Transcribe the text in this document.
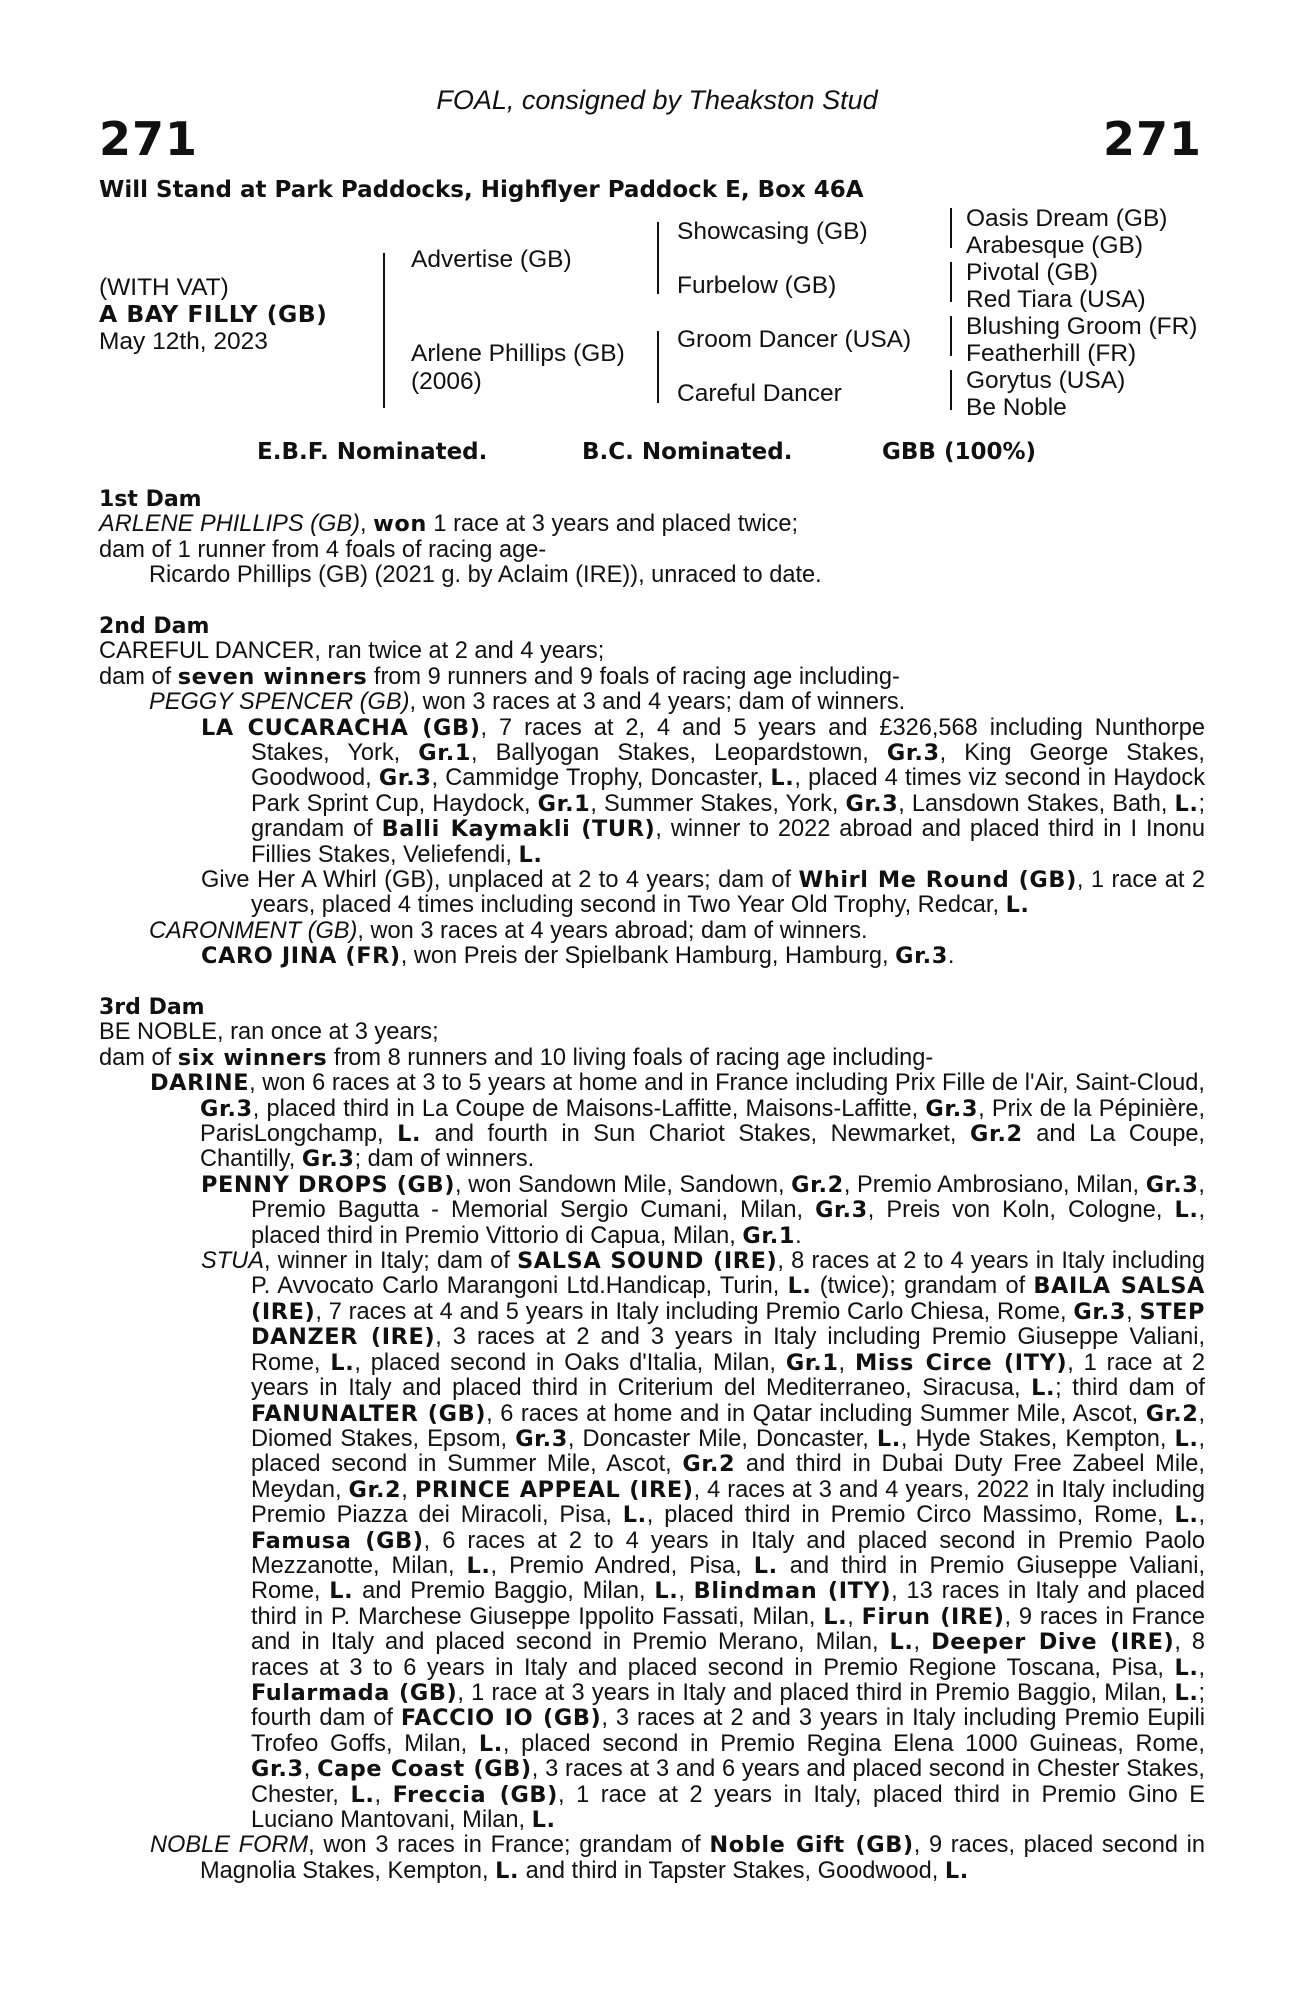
FOAL, consigned by Theakston Stud
271	271
Will Stand at Park Paddocks, Highflyer Paddock E, Box 46A
(WITH VAT)
A BAY FILLY (GB)
May 12th, 2023
Advertise (GB)
Arlene Phillips (GB)
(2006)
Showcasing (GB)
Furbelow (GB)
Groom Dancer (USA)
Careful Dancer
Oasis Dream (GB)
Arabesque (GB)
Pivotal (GB)
Red Tiara (USA)
Blushing Groom (FR)
Featherhill (FR)
Gorytus (USA)
Be Noble
E.B.F. Nominated.	B.C. Nominated.	GBB (100%)

1st Dam

ARLENE PHILLIPS (GB), won 1 race at 3 years and placed twice;

dam of 1 runner from 4 foals of racing age-

Ricardo Phillips (GB) (2021 g. by Aclaim (IRE)), unraced to date.

2nd Dam

CAREFUL DANCER, ran twice at 2 and 4 years;

dam of seven winners from 9 runners and 9 foals of racing age including-

PEGGY SPENCER (GB), won 3 races at 3 and 4 years; dam of winners.

LA CUCARACHA (GB), 7 races at 2, 4 and 5 years and £326,568 including Nunthorpe Stakes, York, Gr.1, Ballyogan Stakes, Leopardstown, Gr.3, King George Stakes, Goodwood, Gr.3, Cammidge Trophy, Doncaster, L., placed 4 times viz second in Haydock Park Sprint Cup, Haydock, Gr.1, Summer Stakes, York, Gr.3, Lansdown Stakes, Bath, L.; grandam of Balli Kaymakli (TUR), winner to 2022 abroad and placed third in I Inonu Fillies Stakes, Veliefendi, L.

Give Her A Whirl (GB), unplaced at 2 to 4 years; dam of Whirl Me Round (GB), 1 race at 2 years, placed 4 times including second in Two Year Old Trophy, Redcar, L.

CARONMENT (GB), won 3 races at 4 years abroad; dam of winners.

CARO JINA (FR), won Preis der Spielbank Hamburg, Hamburg, Gr.3.

3rd Dam

BE NOBLE, ran once at 3 years;

dam of six winners from 8 runners and 10 living foals of racing age including-

DARINE, won 6 races at 3 to 5 years at home and in France including Prix Fille de l'Air, Saint-Cloud, Gr.3, placed third in La Coupe de Maisons-Laffitte, Maisons-Laffitte, Gr.3, Prix de la Pépinière, ParisLongchamp, L. and fourth in Sun Chariot Stakes, Newmarket, Gr.2 and La Coupe, Chantilly, Gr.3; dam of winners.

PENNY DROPS (GB), won Sandown Mile, Sandown, Gr.2, Premio Ambrosiano, Milan, Gr.3, Premio Bagutta - Memorial Sergio Cumani, Milan, Gr.3, Preis von Koln, Cologne, L., placed third in Premio Vittorio di Capua, Milan, Gr.1.

STUA, winner in Italy; dam of SALSA SOUND (IRE), 8 races at 2 to 4 years in Italy including P. Avvocato Carlo Marangoni Ltd.Handicap, Turin, L. (twice); grandam of BAILA SALSA (IRE), 7 races at 4 and 5 years in Italy including Premio Carlo Chiesa, Rome, Gr.3, STEP DANZER (IRE), 3 races at 2 and 3 years in Italy including Premio Giuseppe Valiani, Rome, L., placed second in Oaks d'Italia, Milan, Gr.1, Miss Circe (ITY), 1 race at 2 years in Italy and placed third in Criterium del Mediterraneo, Siracusa, L.; third dam of FANUNALTER (GB), 6 races at home and in Qatar including Summer Mile, Ascot, Gr.2, Diomed Stakes, Epsom, Gr.3, Doncaster Mile, Doncaster, L., Hyde Stakes, Kempton, L., placed second in Summer Mile, Ascot, Gr.2 and third in Dubai Duty Free Zabeel Mile, Meydan, Gr.2, PRINCE APPEAL (IRE), 4 races at 3 and 4 years, 2022 in Italy including Premio Piazza dei Miracoli, Pisa, L., placed third in Premio Circo Massimo, Rome, L., Famusa (GB), 6 races at 2 to 4 years in Italy and placed second in Premio Paolo Mezzanotte, Milan, L., Premio Andred, Pisa, L. and third in Premio Giuseppe Valiani, Rome, L. and Premio Baggio, Milan, L., Blindman (ITY), 13 races in Italy and placed third in P. Marchese Giuseppe Ippolito Fassati, Milan, L., Firun (IRE), 9 races in France and in Italy and placed second in Premio Merano, Milan, L., Deeper Dive (IRE), 8 races at 3 to 6 years in Italy and placed second in Premio Regione Toscana, Pisa, L., Fularmada (GB), 1 race at 3 years in Italy and placed third in Premio Baggio, Milan, L.; fourth dam of FACCIO IO (GB), 3 races at 2 and 3 years in Italy including Premio Eupili Trofeo Goffs, Milan, L., placed second in Premio Regina Elena 1000 Guineas, Rome, Gr.3, Cape Coast (GB), 3 races at 3 and 6 years and placed second in Chester Stakes, Chester, L., Freccia (GB), 1 race at 2 years in Italy, placed third in Premio Gino E Luciano Mantovani, Milan, L.

NOBLE FORM, won 3 races in France; grandam of Noble Gift (GB), 9 races, placed second in Magnolia Stakes, Kempton, L. and third in Tapster Stakes, Goodwood, L.
